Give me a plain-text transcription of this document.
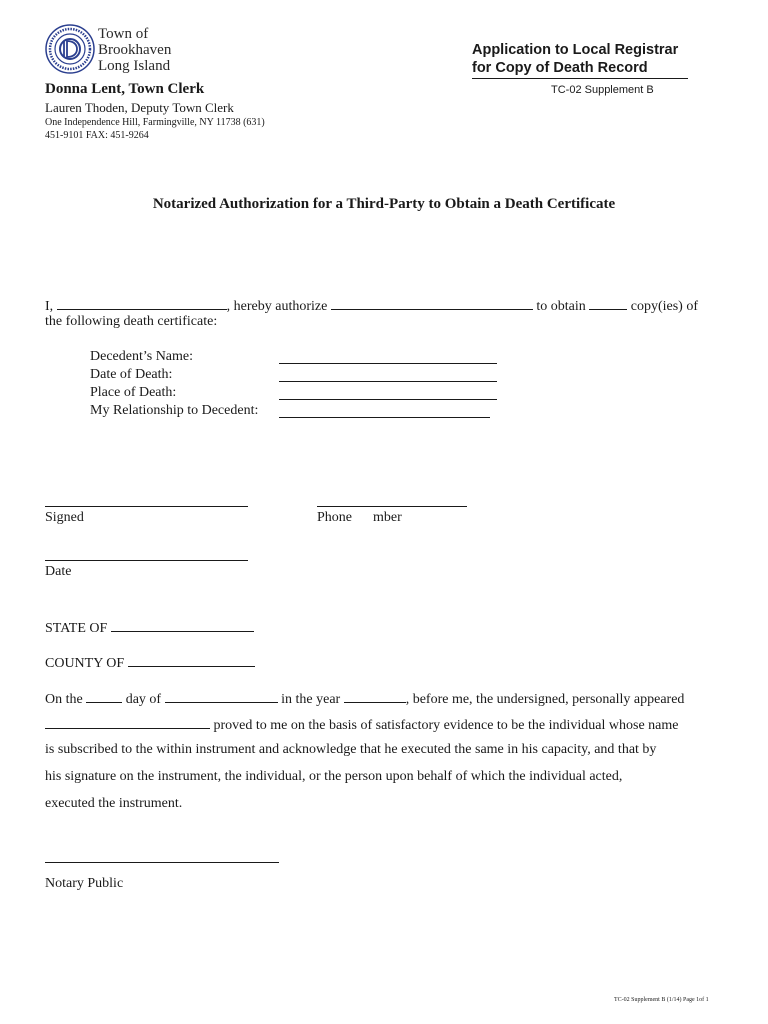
Town of
Brookhaven
Long Island
Application to Local Registrar
for Copy of Death Record
TC-02 Supplement B
Donna Lent, Town Clerk
Lauren Thoden, Deputy Town Clerk
One Independence Hill, Farmingville, NY 11738 (631)
451-9101 FAX: 451-9264
Notarized Authorization for a Third-Party to Obtain a Death Certificate
I,	, hereby authorize	to obtain	copy(ies) of
the following death certificate:
Decedent’s Name:
Date of Death:
Place of Death:
My Relationship to Decedent:
Signed	Phone      mber
Date
STATE OF
COUNTY OF
On the	day of	in the year	, before me, the undersigned, personally appeared
proved to me on the basis of satisfactory evidence to be the individual whose name
is subscribed to the within instrument and acknowledge that he executed the same in his capacity, and that by
his signature on the instrument, the individual, or the person upon behalf of which the individual acted,
executed the instrument.
Notary Public
TC-02 Supplement B (1/14) Page 1of 1
